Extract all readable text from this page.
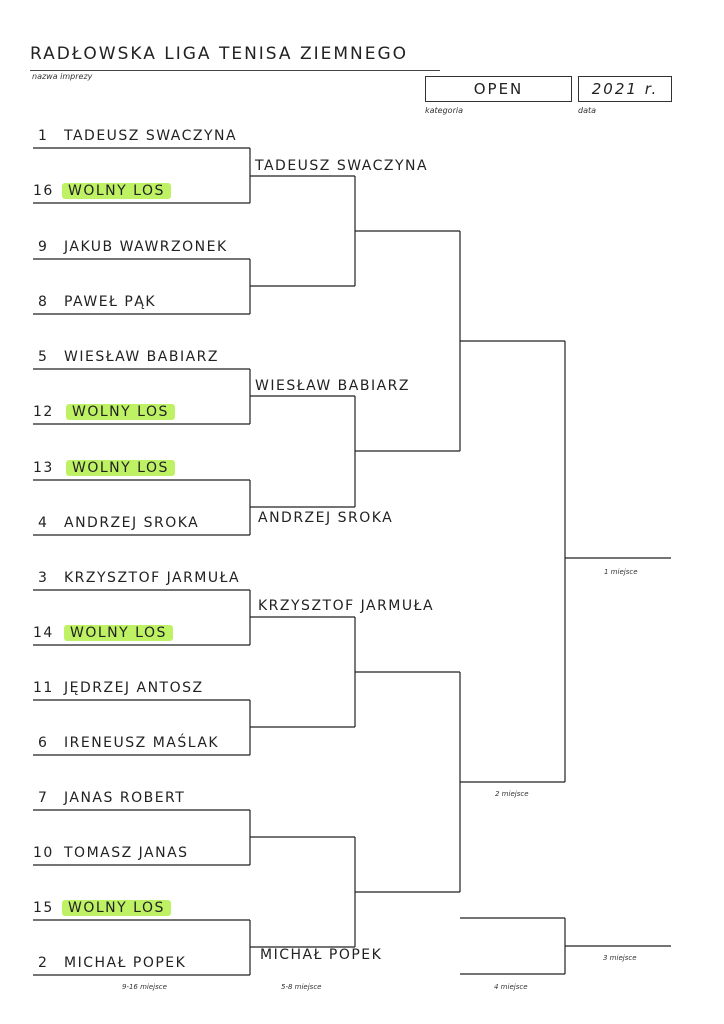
RADŁOWSKA LIGA TENISA ZIEMNEGO
nazwa imprezy
OPEN
kategoria
2021 r.
data
1 TADEUSZ SWACZYNA
16	WOLNY LOS
9 JAKUB WAWRZONEK
8 PAWEŁ PĄK
5 WIESŁAW BABIARZ
12	WOLNY LOS
13	WOLNY LOS
4 ANDRZEJ SROKA
3 KRZYSZTOF JARMUŁA
14	WOLNY LOS
11 JĘDRZEJ ANTOSZ
6 IRENEUSZ MAŚLAK
7 JANAS ROBERT
10 TOMASZ JANAS
15	WOLNY LOS
2 MICHAŁ POPEK
TADEUSZ SWACZYNA
WIESŁAW BABIARZ
ANDRZEJ SROKA
KRZYSZTOF JARMUŁA
MICHAŁ POPEK
1 miejsce
2 miejsce
3 miejsce
4 miejsce
5-8 miejsce
9-16 miejsce
